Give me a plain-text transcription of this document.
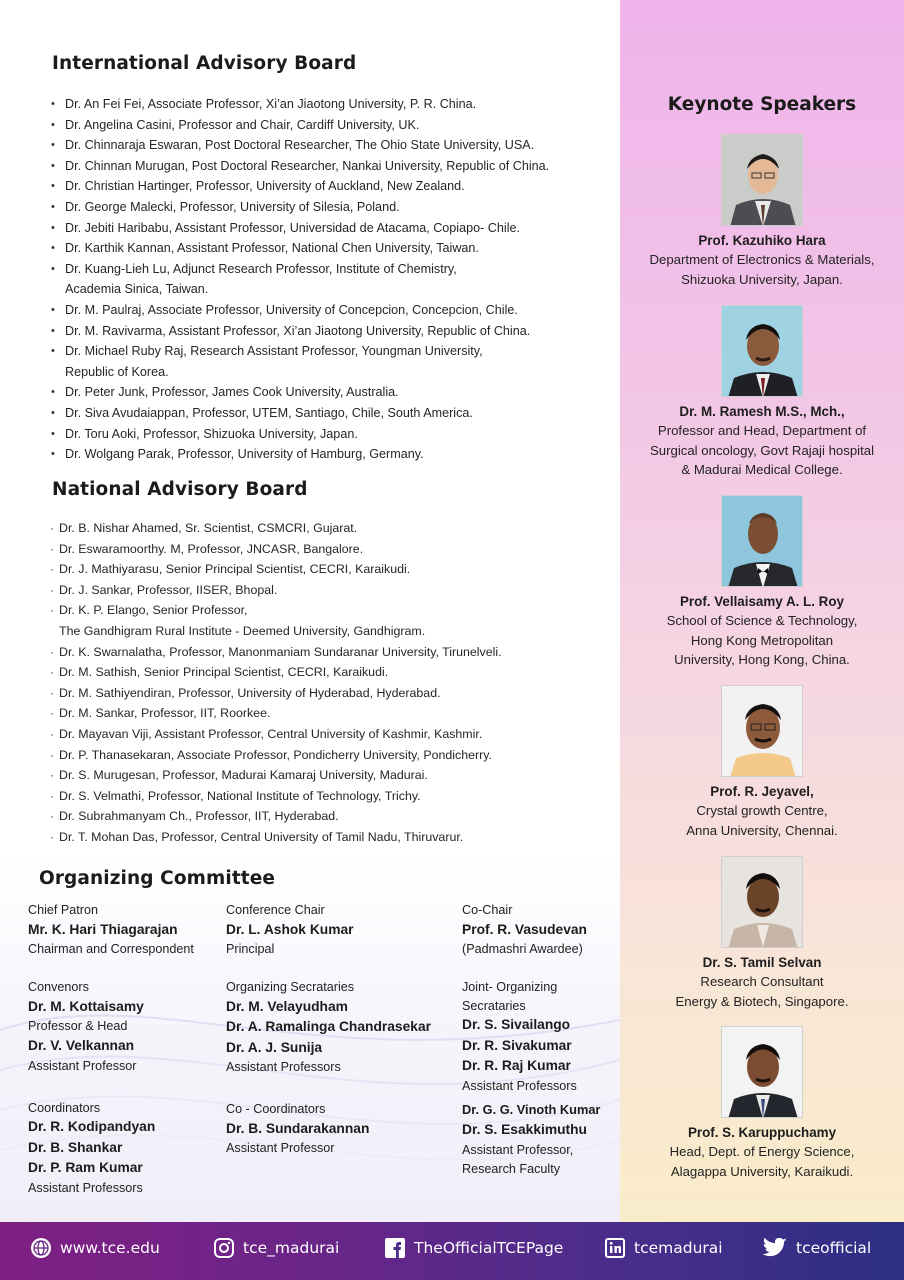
International Advisory Board
• Dr. An Fei Fei, Associate Professor, Xi’an Jiaotong University, P. R. China.
• Dr. Angelina Casini, Professor and Chair, Cardiff University, UK.
• Dr. Chinnaraja Eswaran, Post Doctoral Researcher, The Ohio State University, USA.
• Dr. Chinnan Murugan, Post Doctoral Researcher, Nankai University, Republic of China.
• Dr. Christian Hartinger, Professor, University of Auckland, New Zealand.
• Dr. George Malecki, Professor, University of Silesia, Poland.
• Dr. Jebiti Haribabu, Assistant Professor, Universidad de Atacama, Copiapo- Chile.
• Dr. Karthik Kannan, Assistant Professor, National Chen University, Taiwan.
• Dr. Kuang-Lieh Lu, Adjunct Research Professor, Institute of Chemistry,
Academia Sinica, Taiwan.
• Dr. M. Paulraj, Associate Professor, University of Concepcion, Concepcion, Chile.
• Dr. M. Ravivarma, Assistant Professor, Xi’an Jiaotong University, Republic of China.
• Dr. Michael Ruby Raj, Research Assistant Professor, Youngman University,
Republic of Korea.
• Dr. Peter Junk, Professor, James Cook University, Australia.
• Dr. Siva Avudaiappan, Professor, UTEM, Santiago, Chile, South America.
• Dr. Toru Aoki, Professor, Shizuoka University, Japan.
• Dr. Wolgang Parak, Professor, University of Hamburg, Germany.
National Advisory Board
· Dr. B. Nishar Ahamed, Sr. Scientist, CSMCRI, Gujarat.
· Dr. Eswaramoorthy. M, Professor, JNCASR, Bangalore.
· Dr. J. Mathiyarasu, Senior Principal Scientist, CECRI, Karaikudi.
· Dr. J. Sankar, Professor, IISER, Bhopal.
· Dr. K. P. Elango, Senior Professor,
The Gandhigram Rural Institute - Deemed University, Gandhigram.
· Dr. K. Swarnalatha, Professor, Manonmaniam Sundaranar University, Tirunelveli.
· Dr. M. Sathish, Senior Principal Scientist, CECRI, Karaikudi.
· Dr. M. Sathiyendiran, Professor, University of Hyderabad, Hyderabad.
· Dr. M. Sankar, Professor, IIT, Roorkee.
· Dr. Mayavan Viji, Assistant Professor, Central University of Kashmir, Kashmir.
· Dr. P. Thanasekaran, Associate Professor, Pondicherry University, Pondicherry.
· Dr. S. Murugesan, Professor, Madurai Kamaraj University, Madurai.
· Dr. S. Velmathi, Professor, National Institute of Technology, Trichy.
· Dr. Subrahmanyam Ch., Professor, IIT, Hyderabad.
· Dr. T. Mohan Das, Professor, Central University of Tamil Nadu, Thiruvarur.
Organizing Committee
Chief Patron
Mr. K. Hari Thiagarajan
Chairman and Correspondent
Convenors
Dr. M. Kottaisamy
Professor & Head
Dr. V. Velkannan
Assistant Professor
Coordinators
Dr. R. Kodipandyan
Dr. B. Shankar
Dr. P. Ram Kumar
Assistant Professors
Conference Chair
Dr. L. Ashok Kumar
Principal
Organizing Secrataries
Dr. M. Velayudham
Dr. A. Ramalinga Chandrasekar
Dr. A. J. Sunija
Assistant Professors
Co - Coordinators
Dr. B. Sundarakannan
Assistant Professor
Co-Chair
Prof. R. Vasudevan
(Padmashri Awardee)
Joint- Organizing
Secrataries
Dr. S. Sivailango
Dr. R. Sivakumar
Dr. R. Raj Kumar
Assistant Professors
Dr. G. G. Vinoth Kumar
Dr. S. Esakkimuthu
Assistant Professor,
Research Faculty
Keynote Speakers
Prof. Kazuhiko Hara
Department of Electronics & Materials,
Shizuoka University, Japan.
Dr. M. Ramesh M.S., Mch.,
Professor and Head, Department of
Surgical oncology, Govt Rajaji hospital
& Madurai Medical College.
Prof. Vellaisamy A. L. Roy
School of Science & Technology,
Hong Kong Metropolitan
University, Hong Kong, China.
Prof. R. Jeyavel,
Crystal growth Centre,
Anna University, Chennai.
Dr. S. Tamil Selvan
Research Consultant
Energy & Biotech, Singapore.
Prof. S. Karuppuchamy
Head, Dept. of Energy Science,
Alagappa University, Karaikudi.
www.tce.edu	tce_madurai	TheOfficialTCEPage	tcemadurai	tceofficial
